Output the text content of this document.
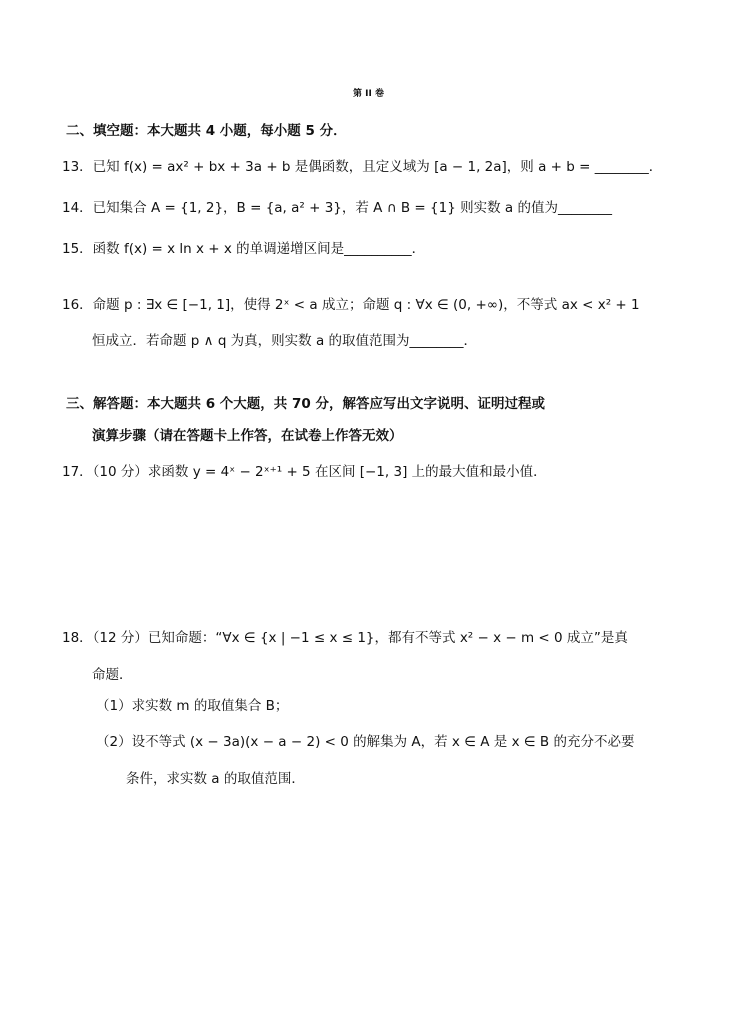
第 II 卷
二、填空题：本大题共 4 小题，每小题 5 分．
13．已知 f(x) = ax² + bx + 3a + b 是偶函数，且定义域为 [a − 1, 2a]，则 a + b = ________．
14．已知集合 A = {1, 2}，B = {a, a² + 3}，若 A ∩ B = {1} 则实数 a 的值为________
15．函数 f(x) = x ln x + x 的单调递增区间是__________．
16．命题 p : ∃x ∈ [−1, 1]，使得 2ˣ < a 成立；命题 q : ∀x ∈ (0, +∞)，不等式 ax < x² + 1
恒成立．若命题 p ∧ q 为真，则实数 a 的取值范围为________．
三、解答题：本大题共 6 个大题，共 70 分，解答应写出文字说明、证明过程或
演算步骤（请在答题卡上作答，在试卷上作答无效）
17．（10 分）求函数 y = 4ˣ − 2ˣ⁺¹ + 5 在区间 [−1, 3] 上的最大值和最小值．
18．（12 分）已知命题：“∀x ∈ {x | −1 ≤ x ≤ 1}，都有不等式 x² − x − m < 0 成立”是真
命题．
（1）求实数 m 的取值集合 B；
（2）设不等式 (x − 3a)(x − a − 2) < 0 的解集为 A，若 x ∈ A 是 x ∈ B 的充分不必要
条件，求实数 a 的取值范围．
